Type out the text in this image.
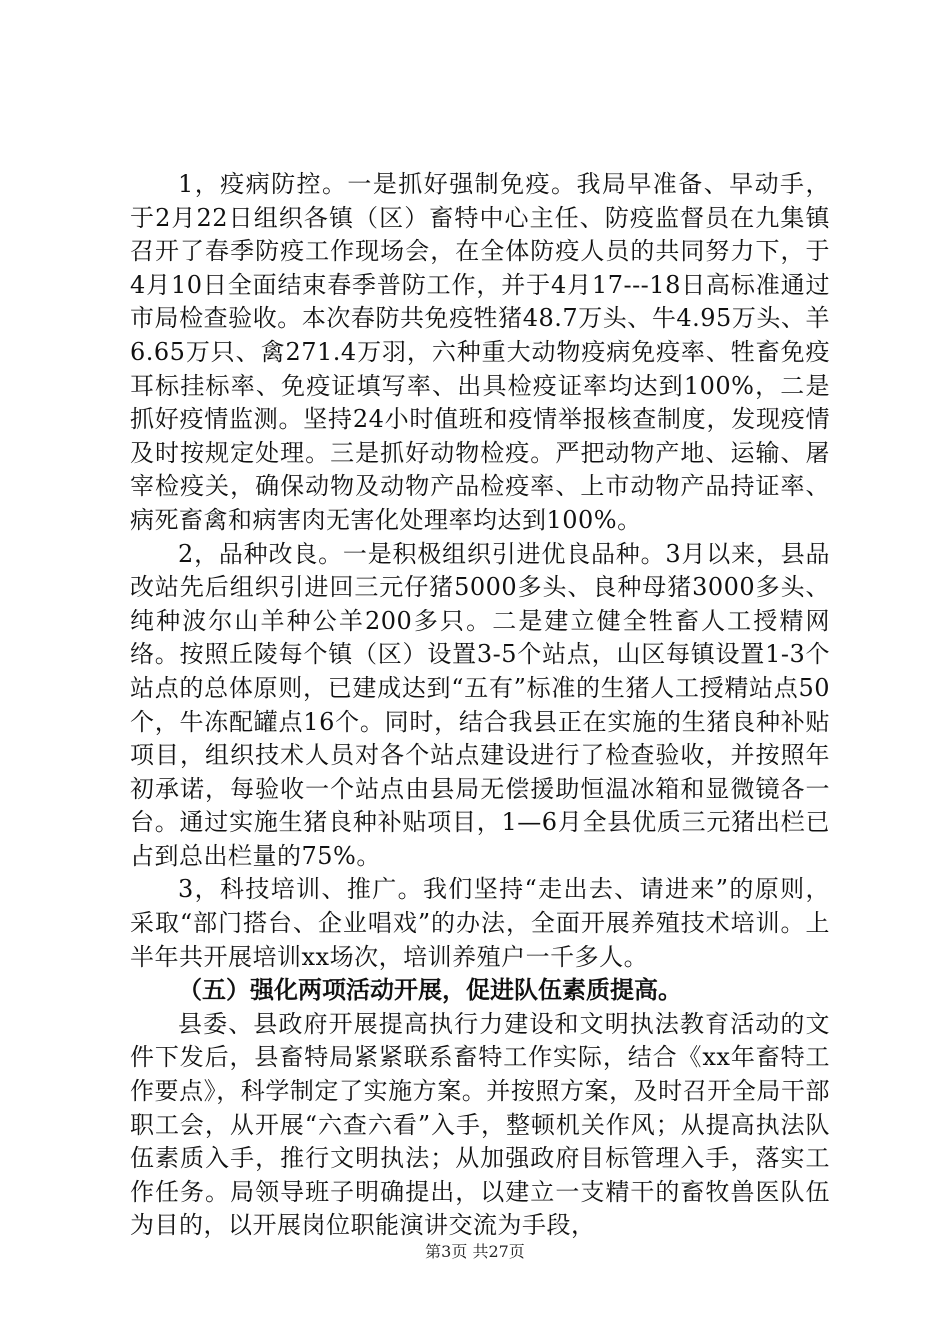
1，疫病防控。一是抓好强制免疫。我局早准备、早动手，于2月22日组织各镇（区）畜特中心主任、防疫监督员在九集镇召开了春季防疫工作现场会，在全体防疫人员的共同努力下，于4月10日全面结束春季普防工作，并于4月17---18日高标准通过市局检查验收。本次春防共免疫牲猪48.7万头、牛4.95万头、羊6.65万只、禽271.4万羽，六种重大动物疫病免疫率、牲畜免疫耳标挂标率、免疫证填写率、出具检疫证率均达到100%，二是抓好疫情监测。坚持24小时值班和疫情举报核查制度，发现疫情及时按规定处理。三是抓好动物检疫。严把动物产地、运输、屠宰检疫关，确保动物及动物产品检疫率、上市动物产品持证率、病死畜禽和病害肉无害化处理率均达到100%。

2，品种改良。一是积极组织引进优良品种。3月以来，县品改站先后组织引进回三元仔猪5000多头、良种母猪3000多头、纯种波尔山羊种公羊200多只。二是建立健全牲畜人工授精网络。按照丘陵每个镇（区）设置3-5个站点，山区每镇设置1-3个站点的总体原则，已建成达到“五有”标准的生猪人工授精站点50个，牛冻配罐点16个。同时，结合我县正在实施的生猪良种补贴项目，组织技术人员对各个站点建设进行了检查验收，并按照年初承诺，每验收一个站点由县局无偿援助恒温冰箱和显微镜各一台。通过实施生猪良种补贴项目，1—6月全县优质三元猪出栏已占到总出栏量的75%。

3，科技培训、推广。我们坚持“走出去、请进来”的原则，采取“部门搭台、企业唱戏”的办法，全面开展养殖技术培训。上半年共开展培训xx场次，培训养殖户一千多人。

（五）强化两项活动开展，促进队伍素质提高。

县委、县政府开展提高执行力建设和文明执法教育活动的文件下发后，县畜特局紧紧联系畜特工作实际，结合《xx年畜特工作要点》，科学制定了实施方案。并按照方案，及时召开全局干部职工会，从开展“六查六看”入手，整顿机关作风；从提高执法队伍素质入手，推行文明执法；从加强政府目标管理入手，落实工作任务。局领导班子明确提出，以建立一支精干的畜牧兽医队伍为目的，以开展岗位职能演讲交流为手段，

第3页 共27页
